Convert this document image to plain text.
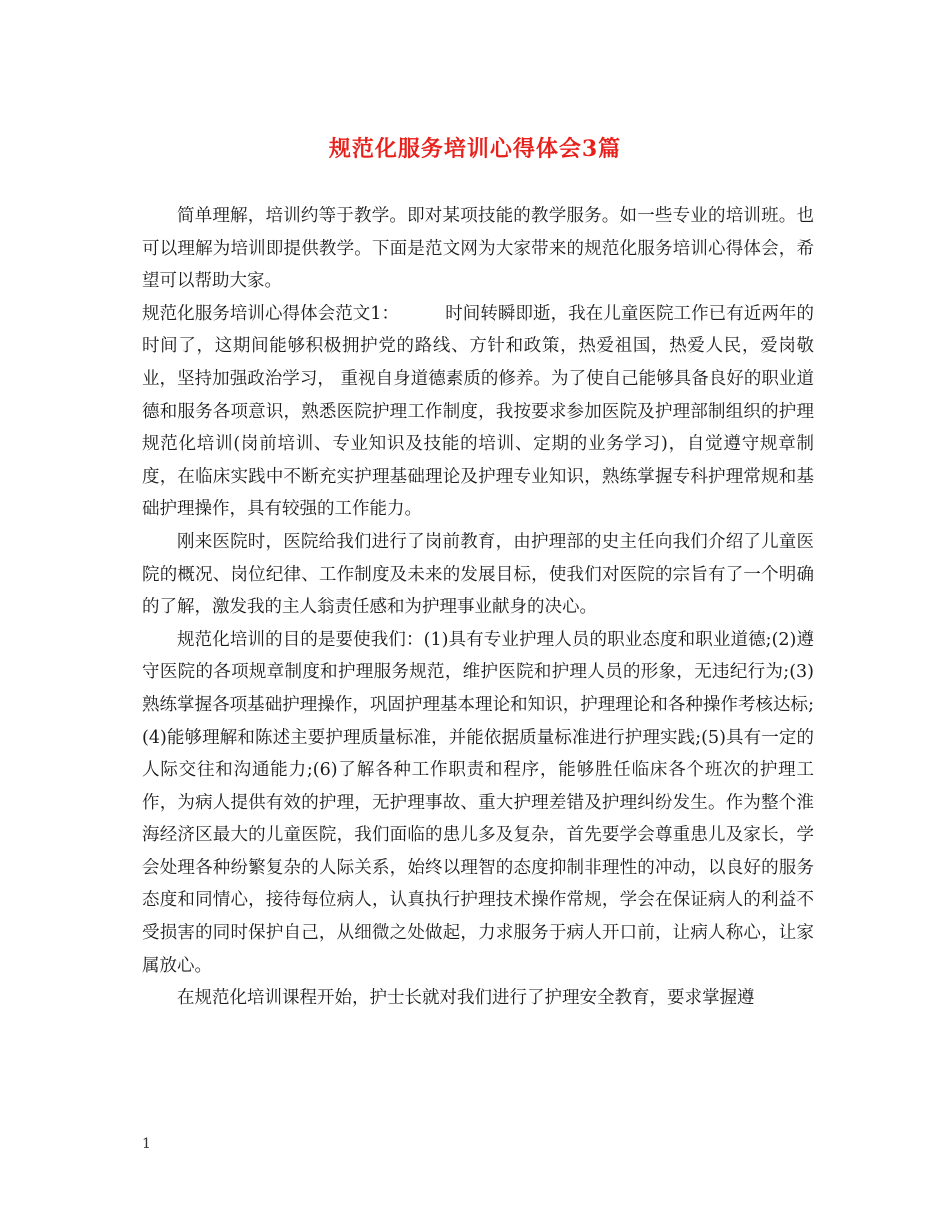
规范化服务培训心得体会3篇

简单理解，培训约等于教学。即对某项技能的教学服务。如一些专业的培训班。也可以理解为培训即提供教学。下面是范文网为大家带来的规范化服务培训心得体会，希望可以帮助大家。

规范化服务培训心得体会范文1：	时间转瞬即逝，我在儿童医院工作已有近两年的时间了，这期间能够积极拥护党的路线、方针和政策，热爱祖国，热爱人民，爱岗敬业，坚持加强政治学习， 重视自身道德素质的修养。为了使自己能够具备良好的职业道德和服务各项意识，熟悉医院护理工作制度，我按要求参加医院及护理部制组织的护理规范化培训(岗前培训、专业知识及技能的培训、定期的业务学习)，自觉遵守规章制度，在临床实践中不断充实护理基础理论及护理专业知识，熟练掌握专科护理常规和基础护理操作，具有较强的工作能力。

刚来医院时，医院给我们进行了岗前教育，由护理部的史主任向我们介绍了儿童医院的概况、岗位纪律、工作制度及未来的发展目标，使我们对医院的宗旨有了一个明确的了解，激发我的主人翁责任感和为护理事业献身的决心。

规范化培训的目的是要使我们：(1)具有专业护理人员的职业态度和职业道德;(2)遵守医院的各项规章制度和护理服务规范，维护医院和护理人员的形象，无违纪行为;(3)熟练掌握各项基础护理操作，巩固护理基本理论和知识，护理理论和各种操作考核达标;(4)能够理解和陈述主要护理质量标准，并能依据质量标准进行护理实践;(5)具有一定的人际交往和沟通能力;(6)了解各种工作职责和程序，能够胜任临床各个班次的护理工作，为病人提供有效的护理，无护理事故、重大护理差错及护理纠纷发生。作为整个淮海经济区最大的儿童医院，我们面临的患儿多及复杂，首先要学会尊重患儿及家长，学会处理各种纷繁复杂的人际关系，始终以理智的态度抑制非理性的冲动，以良好的服务态度和同情心，接待每位病人，认真执行护理技术操作常规，学会在保证病人的利益不受损害的同时保护自己，从细微之处做起，力求服务于病人开口前，让病人称心，让家属放心。

在规范化培训课程开始，护士长就对我们进行了护理安全教育，要求掌握遵

1
